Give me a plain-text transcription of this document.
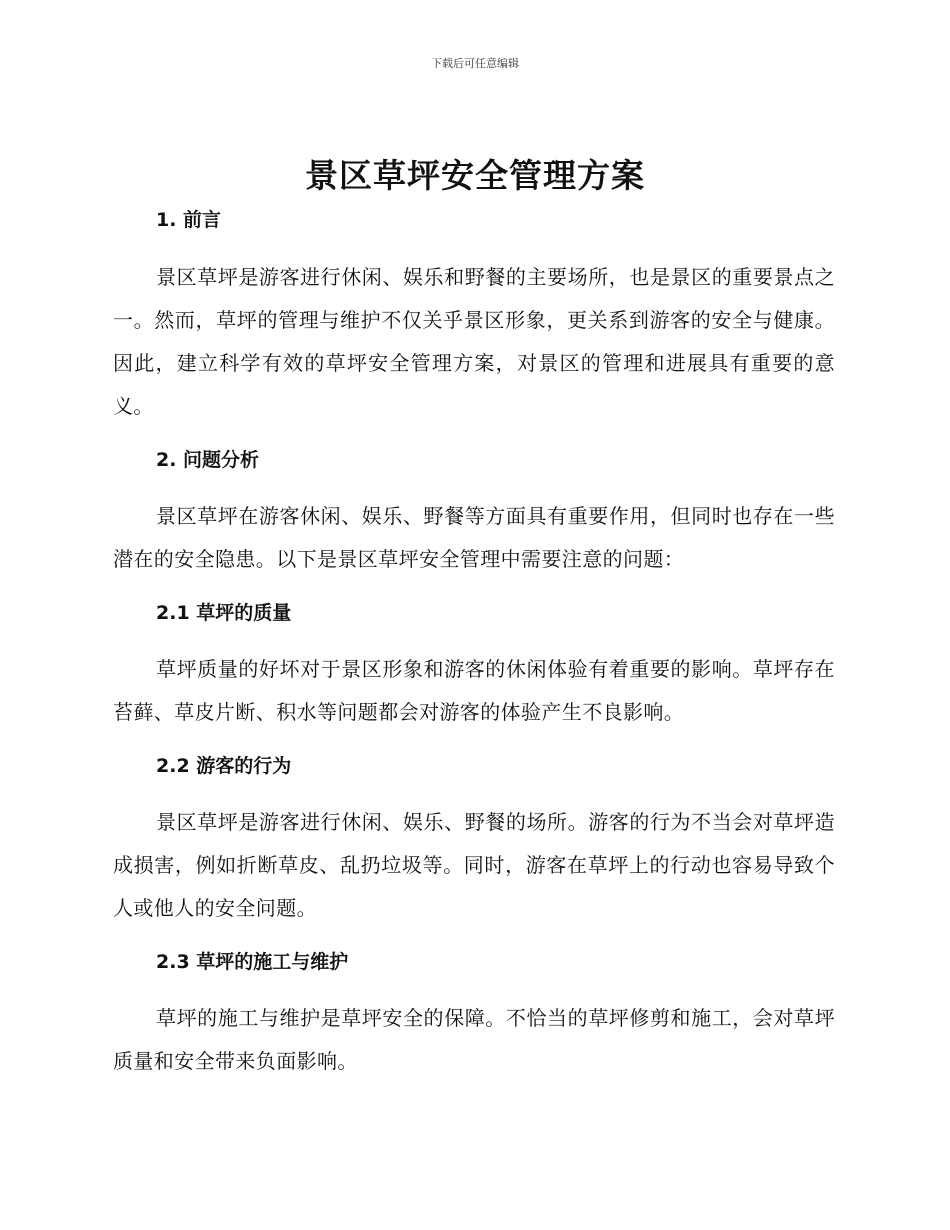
下载后可任意编辑
景区草坪安全管理方案

1. 前言

景区草坪是游客进行休闲、娱乐和野餐的主要场所，也是景区的重要景点之一。然而，草坪的管理与维护不仅关乎景区形象，更关系到游客的安全与健康。因此，建立科学有效的草坪安全管理方案，对景区的管理和进展具有重要的意义。

2. 问题分析

景区草坪在游客休闲、娱乐、野餐等方面具有重要作用，但同时也存在一些潜在的安全隐患。以下是景区草坪安全管理中需要注意的问题：

2.1 草坪的质量

草坪质量的好坏对于景区形象和游客的休闲体验有着重要的影响。草坪存在苔藓、草皮片断、积水等问题都会对游客的体验产生不良影响。

2.2 游客的行为

景区草坪是游客进行休闲、娱乐、野餐的场所。游客的行为不当会对草坪造成损害，例如折断草皮、乱扔垃圾等。同时，游客在草坪上的行动也容易导致个人或他人的安全问题。

2.3 草坪的施工与维护

草坪的施工与维护是草坪安全的保障。不恰当的草坪修剪和施工，会对草坪质量和安全带来负面影响。
